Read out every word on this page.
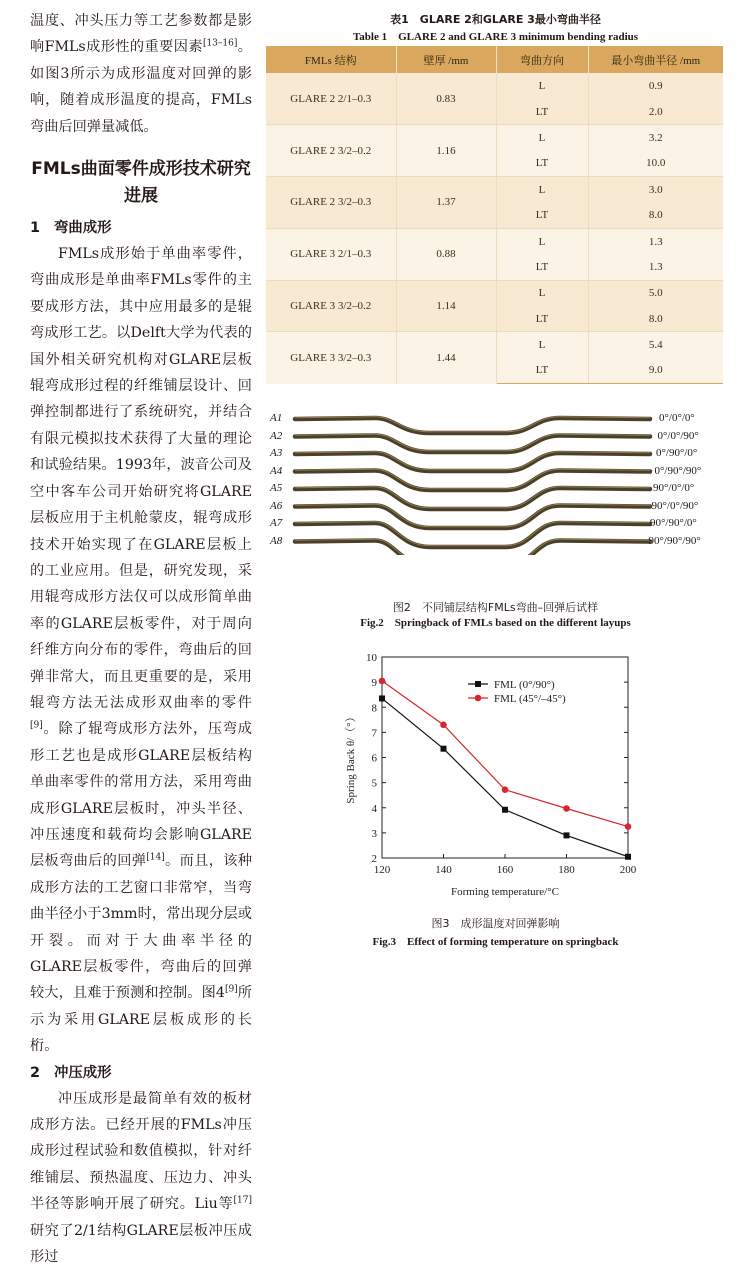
温度、冲头压力等工艺参数都是影响FMLs成形性的重要因素[13–16]。如图3所示为成形温度对回弹的影响，随着成形温度的提高，FMLs弯曲后回弹量减低。

FMLs曲面零件成形技术研究进展
1 弯曲成形

FMLs成形始于单曲率零件，弯曲成形是单曲率FMLs零件的主要成形方法，其中应用最多的是辊弯成形工艺。以Delft大学为代表的国外相关研究机构对GLARE层板辊弯成形过程的纤维铺层设计、回弹控制都进行了系统研究，并结合有限元模拟技术获得了大量的理论和试验结果。1993年，波音公司及空中客车公司开始研究将GLARE层板应用于主机舱蒙皮，辊弯成形技术开始实现了在GLARE层板上的工业应用。但是，研究发现，采用辊弯成形方法仅可以成形简单曲率的GLARE层板零件，对于周向纤维方向分布的零件，弯曲后的回弹非常大，而且更重要的是，采用辊弯方法无法成形双曲率的零件[9]。除了辊弯成形方法外，压弯成形工艺也是成形GLARE层板结构单曲率零件的常用方法，采用弯曲成形GLARE层板时，冲头半径、冲压速度和载荷均会影响GLARE层板弯曲后的回弹[14]。而且，该种成形方法的工艺窗口非常窄，当弯曲半径小于3mm时，常出现分层或开裂。而对于大曲率半径的GLARE层板零件，弯曲后的回弹较大，且难于预测和控制。图4[9]所示为采用GLARE层板成形的长桁。

2 冲压成形

冲压成形是最简单有效的板材成形方法。已经开展的FMLs冲压成形过程试验和数值模拟，针对纤维铺层、预热温度、压边力、冲头半径等影响开展了研究。Liu等[17]研究了2/1结构GLARE层板冲压成形过

表1　GLARE 2和GLARE 3最小弯曲半径
Table 1　GLARE 2 and GLARE 3 minimum bending radius
FMLs 结构	壁厚 /mm	弯曲方向	最小弯曲半径 /mm
GLARE 2 2/1–0.3	0.83	L	0.9
		LT	2.0
GLARE 2 3/2–0.2	1.16	L	3.2
		LT	10.0
GLARE 2 3/2–0.3	1.37	L	3.0
		LT	8.0
GLARE 3 2/1–0.3	0.88	L	1.3
		LT	1.3
GLARE 3 3/2–0.2	1.14	L	5.0
		LT	8.0
GLARE 3 3/2–0.3	1.44	L	5.4
		LT	9.0
A1	0°/0°/0°
A2	0°/0°/90°
A3	0°/90°/0°
A4	0°/90°/90°
A5	90°/0°/0°
A6	90°/0°/90°
A7	90°/90°/0°
A8	90°/90°/90°
图2　不同铺层结构FMLs弯曲–回弹后试样
Fig.2　Springback of FMLs based on the different layups
2
3
4
5
6
7
8
9
10
120	140	160	180	200
Forming temperature/°C
Spring Back θ/（°）
FML (0°/90°)
FML (45°/–45°)
图3　成形温度对回弹影响
Fig.3　Effect of forming temperature on springback
